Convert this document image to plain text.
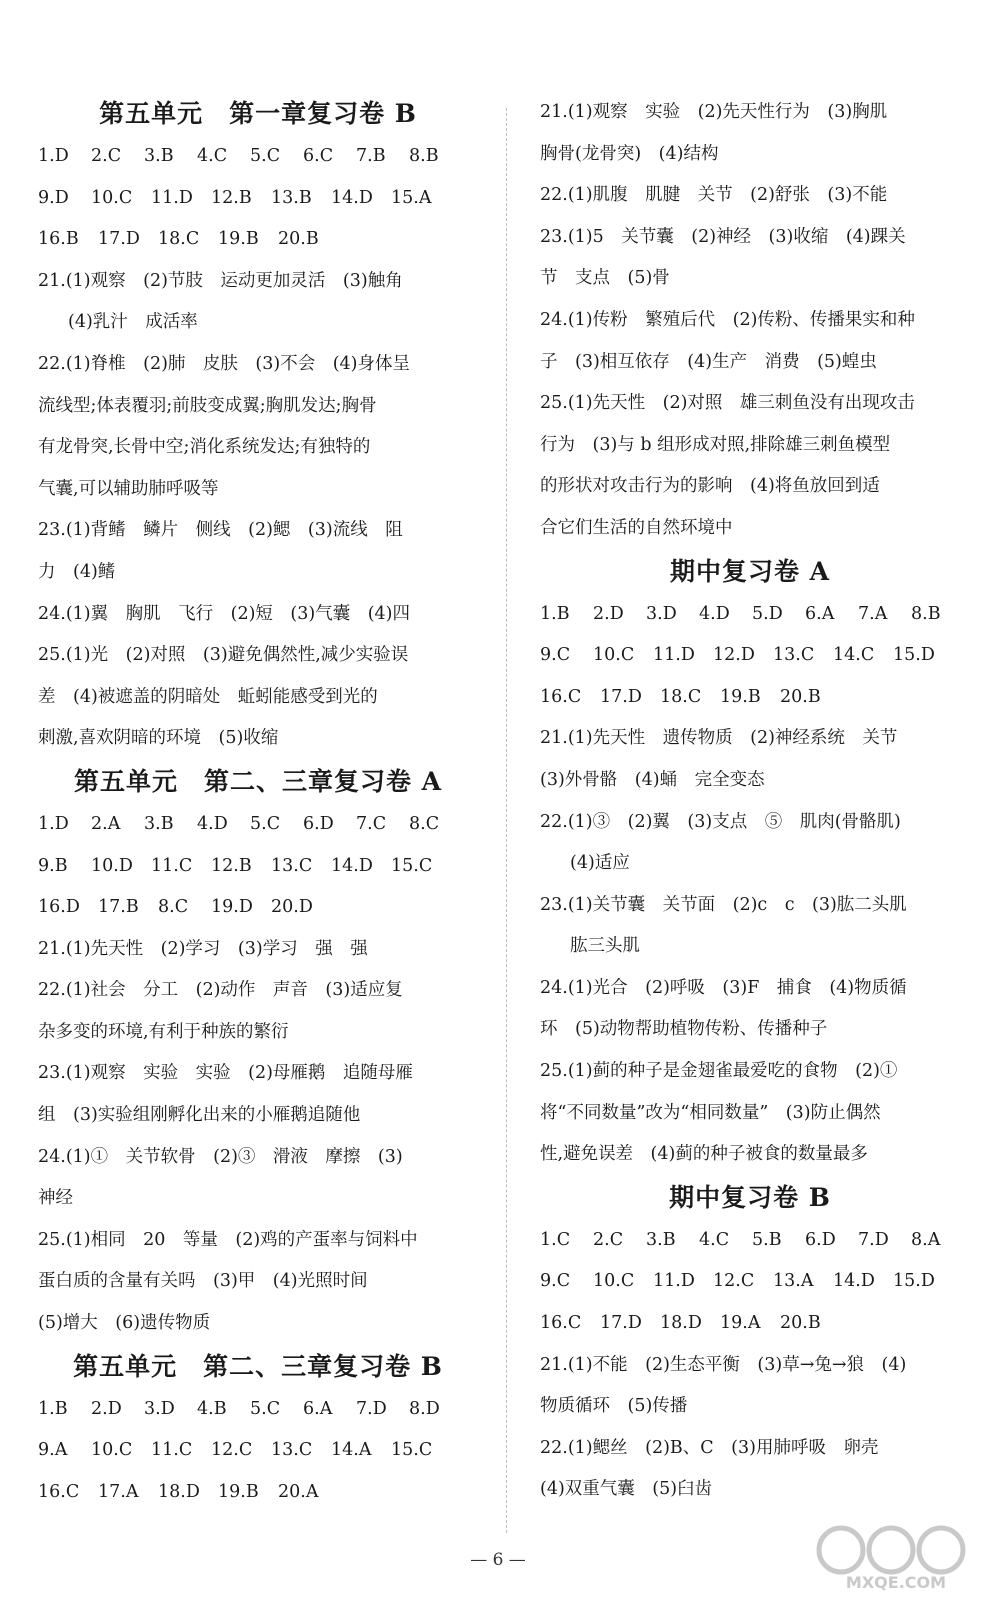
第五单元　第一章复习卷 B
1.D	2.C	3.B	4.C	5.C	6.C	7.B	8.B
9.D	10.C	11.D	12.B	13.B	14.D	15.A
16.B	17.D	18.C	19.B	20.B
21.(1)观察　(2)节肢　运动更加灵活　(3)触角
(4)乳汁　成活率
22.(1)脊椎　(2)肺　皮肤　(3)不会　(4)身体呈
流线型;体表覆羽;前肢变成翼;胸肌发达;胸骨
有龙骨突,长骨中空;消化系统发达;有独特的
气囊,可以辅助肺呼吸等
23.(1)背鳍　鳞片　侧线　(2)鳃　(3)流线　阻
力　(4)鳍
24.(1)翼　胸肌　飞行　(2)短　(3)气囊　(4)四
25.(1)光　(2)对照　(3)避免偶然性,减少实验误
差　(4)被遮盖的阴暗处　蚯蚓能感受到光的
刺激,喜欢阴暗的环境　(5)收缩
第五单元　第二、三章复习卷 A
1.D	2.A	3.B	4.D	5.C	6.D	7.C	8.C
9.B	10.D	11.C	12.B	13.C	14.D	15.C
16.D	17.B	8.C	19.D	20.D
21.(1)先天性　(2)学习　(3)学习　强　强
22.(1)社会　分工　(2)动作　声音　(3)适应复
杂多变的环境,有利于种族的繁衍
23.(1)观察　实验　实验　(2)母雁鹅　追随母雁
组　(3)实验组刚孵化出来的小雁鹅追随他
24.(1)①　关节软骨　(2)③　滑液　摩擦　(3)
神经
25.(1)相同　20　等量　(2)鸡的产蛋率与饲料中
蛋白质的含量有关吗　(3)甲　(4)光照时间
(5)增大　(6)遗传物质
第五单元　第二、三章复习卷 B
1.B	2.D	3.D	4.B	5.C	6.A	7.D	8.D
9.A	10.C	11.C	12.C	13.C	14.A	15.C
16.C	17.A	18.D	19.B	20.A
21.(1)观察　实验　(2)先天性行为　(3)胸肌
胸骨(龙骨突)　(4)结构
22.(1)肌腹　肌腱　关节　(2)舒张　(3)不能
23.(1)5　关节囊　(2)神经　(3)收缩　(4)踝关
节　支点　(5)骨
24.(1)传粉　繁殖后代　(2)传粉、传播果实和种
子　(3)相互依存　(4)生产　消费　(5)蝗虫
25.(1)先天性　(2)对照　雄三刺鱼没有出现攻击
行为　(3)与 b 组形成对照,排除雄三刺鱼模型
的形状对攻击行为的影响　(4)将鱼放回到适
合它们生活的自然环境中
期中复习卷 A
1.B	2.D	3.D	4.D	5.D	6.A	7.A	8.B
9.C	10.C	11.D	12.D	13.C	14.C	15.D
16.C	17.D	18.C	19.B	20.B
21.(1)先天性　遗传物质　(2)神经系统　关节
(3)外骨骼　(4)蛹　完全变态
22.(1)③　(2)翼　(3)支点　⑤　肌肉(骨骼肌)
(4)适应
23.(1)关节囊　关节面　(2)c　c　(3)肱二头肌
肱三头肌
24.(1)光合　(2)呼吸　(3)F　捕食　(4)物质循
环　(5)动物帮助植物传粉、传播种子
25.(1)蓟的种子是金翅雀最爱吃的食物　(2)①
将“不同数量”改为“相同数量”　(3)防止偶然
性,避免误差　(4)蓟的种子被食的数量最多
期中复习卷 B
1.C	2.C	3.B	4.C	5.B	6.D	7.D	8.A
9.C	10.C	11.D	12.C	13.A	14.D	15.D
16.C	17.D	18.D	19.A	20.B
21.(1)不能　(2)生态平衡　(3)草→兔→狼　(4)
物质循环　(5)传播
22.(1)鳃丝　(2)B、C　(3)用肺呼吸　卵壳
(4)双重气囊　(5)臼齿
— 6 —
MXQE.COM
